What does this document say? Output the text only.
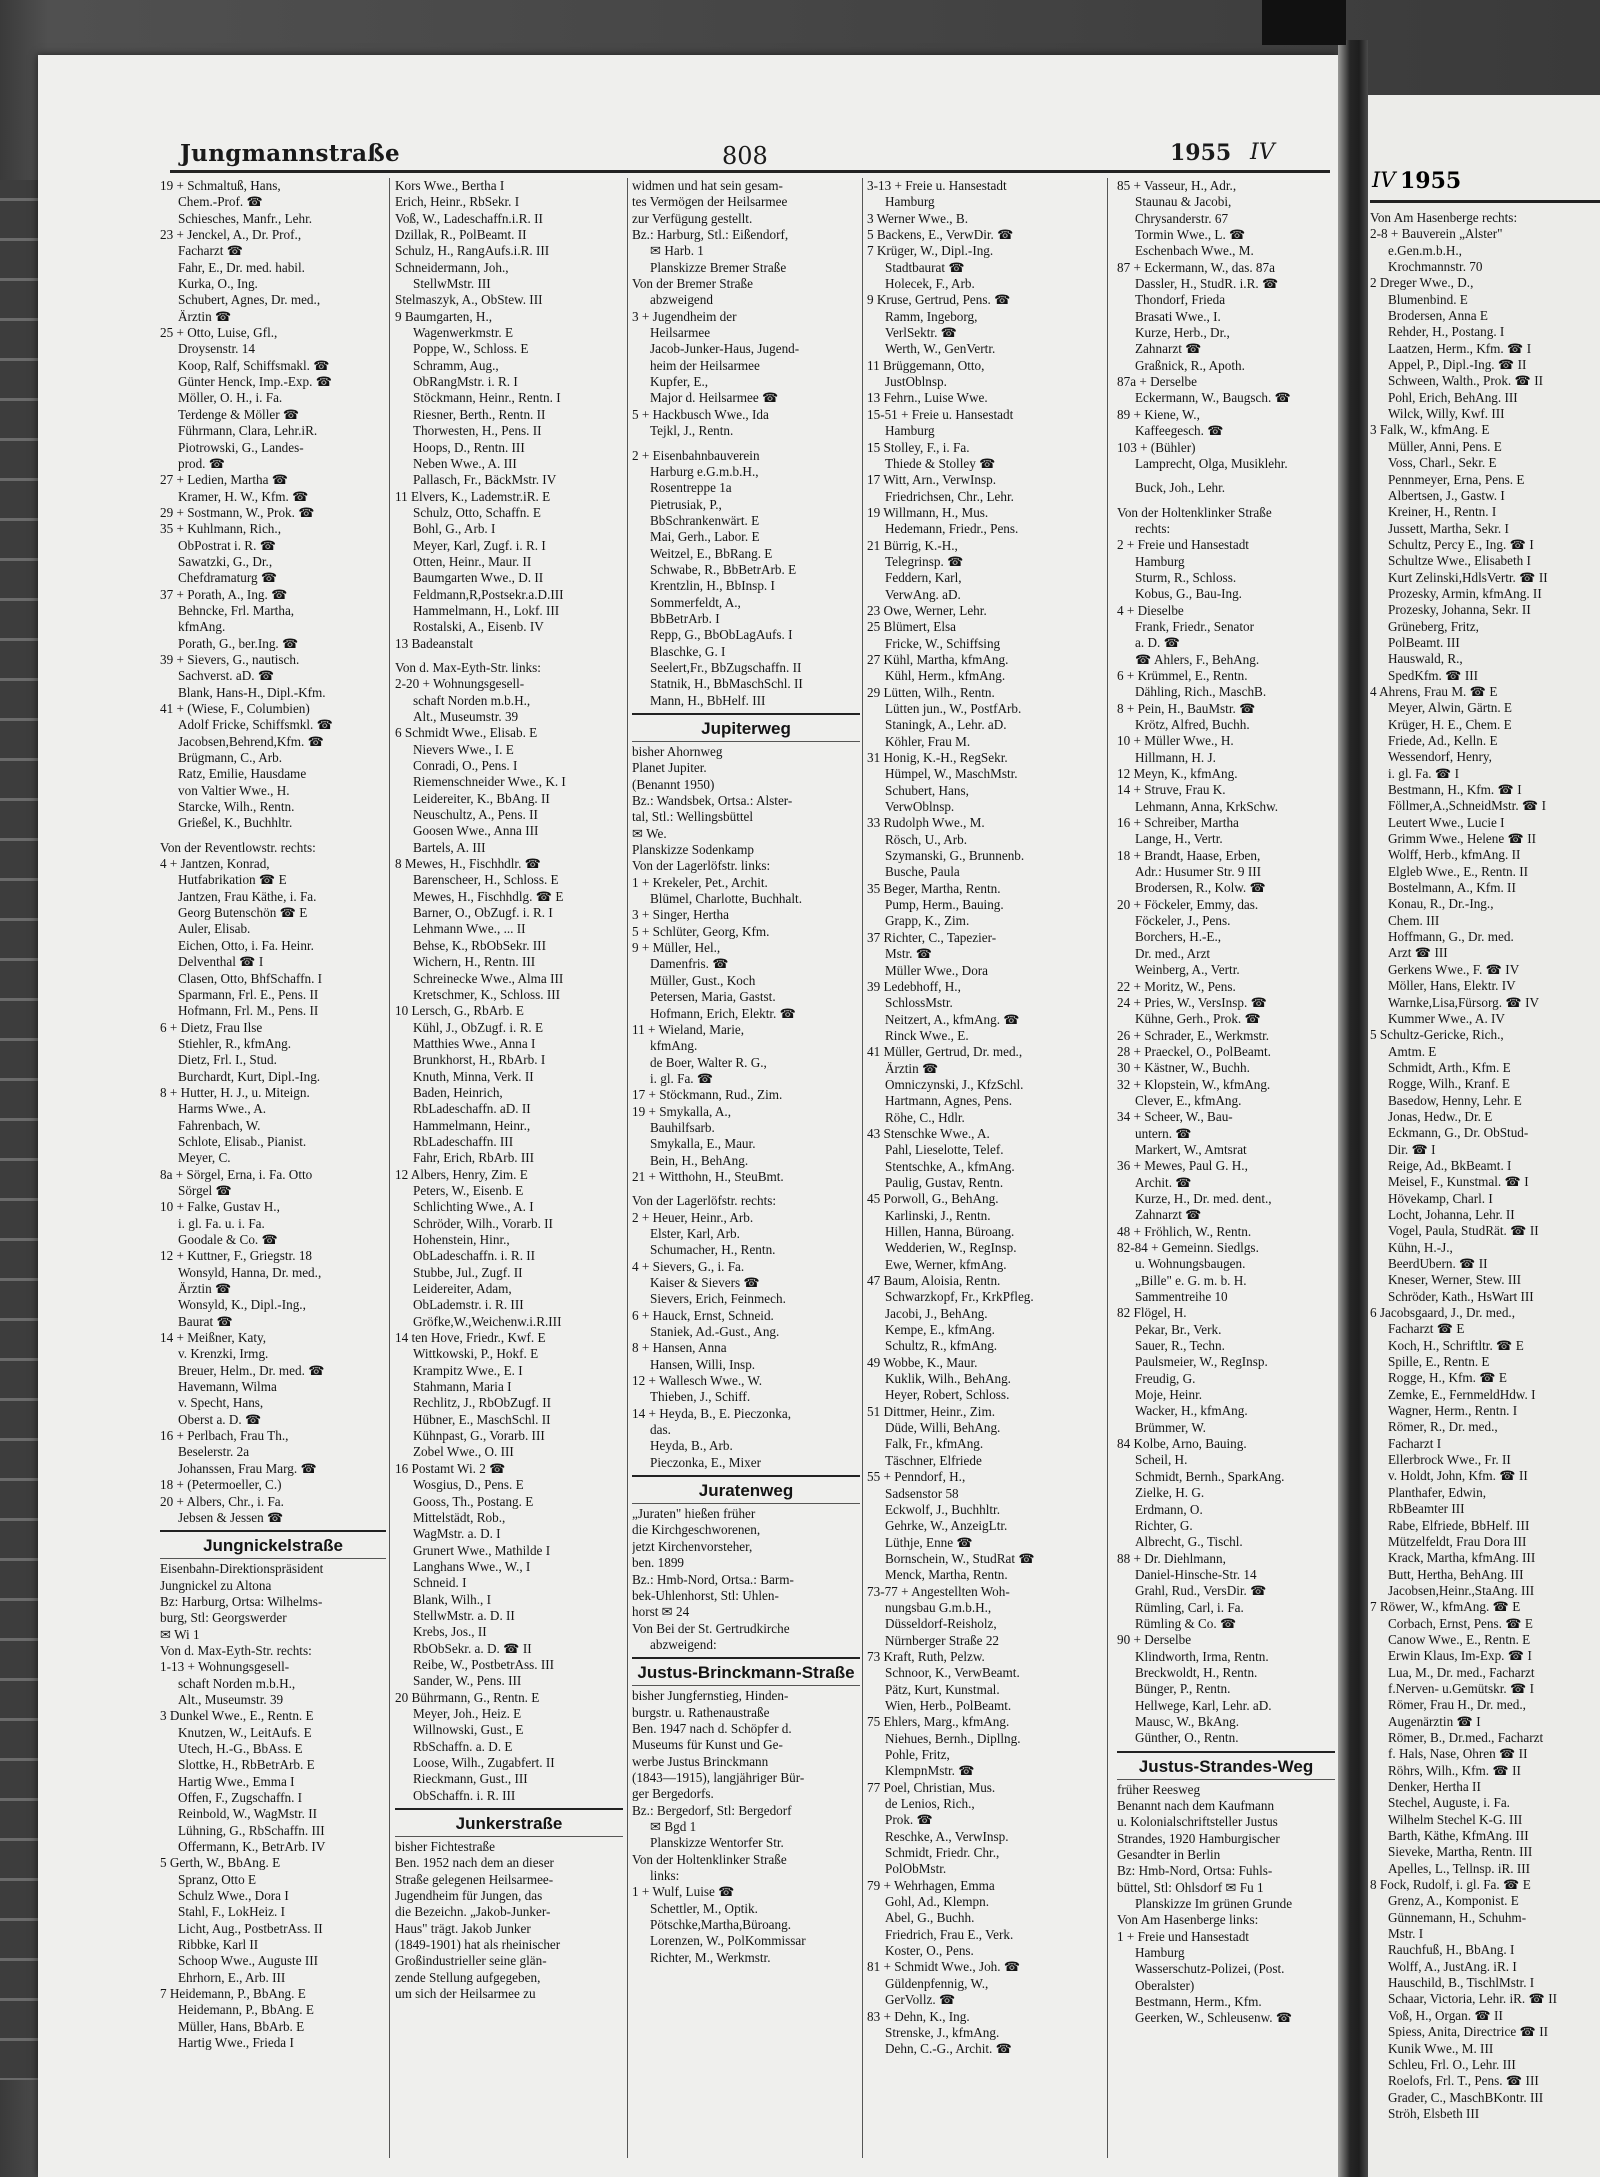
Jungmannstraße	808	1955 IV
IV 1955
19 + Schmaltuß, Hans,
Chem.-Prof. ☎
Schiesches, Manfr., Lehr.
23 + Jenckel, A., Dr. Prof.,
Facharzt ☎
Fahr, E., Dr. med. habil.
Kurka, O., Ing.
Schubert, Agnes, Dr. med.,
Ärztin ☎
25 + Otto, Luise, Gfl.,
Droysenstr. 14
Koop, Ralf, Schiffsmakl. ☎
Günter Henck, Imp.-Exp. ☎
Möller, O. H., i. Fa.
Terdenge & Möller ☎
Führmann, Clara, Lehr.iR.
Piotrowski, G., Landes-
prod. ☎
27 + Ledien, Martha ☎
Kramer, H. W., Kfm. ☎
29 + Sostmann, W., Prok. ☎
35 + Kuhlmann, Rich.,
ObPostrat i. R. ☎
Sawatzki, G., Dr.,
Chefdramaturg ☎
37 + Porath, A., Ing. ☎
Behncke, Frl. Martha,
kfmAng.
Porath, G., ber.Ing. ☎
39 + Sievers, G., nautisch.
Sachverst. aD. ☎
Blank, Hans-H., Dipl.-Kfm.
41 + (Wiese, F., Columbien)
Adolf Fricke, Schiffsmkl. ☎
Jacobsen,Behrend,Kfm. ☎
Brügmann, C., Arb.
Ratz, Emilie, Hausdame
von Valtier Wwe., H.
Starcke, Wilh., Rentn.
Grießel, K., Buchhltr.
Von der Reventlowstr. rechts:
4 + Jantzen, Konrad,
Hutfabrikation ☎ E
Jantzen, Frau Käthe, i. Fa.
Georg Butenschön ☎ E
Auler, Elisab.
Eichen, Otto, i. Fa. Heinr.
Delventhal ☎ I
Clasen, Otto, BhfSchaffn. I
Sparmann, Frl. E., Pens. II
Hofmann, Frl. M., Pens. II
6 + Dietz, Frau Ilse
Stiehler, R., kfmAng.
Dietz, Frl. I., Stud.
Burchardt, Kurt, Dipl.-Ing.
8 + Hutter, H. J., u. Miteign.
Harms Wwe., A.
Fahrenbach, W.
Schlote, Elisab., Pianist.
Meyer, C.
8a + Sörgel, Erna, i. Fa. Otto
Sörgel ☎
10 + Falke, Gustav H.,
i. gl. Fa. u. i. Fa.
Goodale & Co. ☎
12 + Kuttner, F., Griegstr. 18
Wonsyld, Hanna, Dr. med.,
Ärztin ☎
Wonsyld, K., Dipl.-Ing.,
Baurat ☎
14 + Meißner, Katy,
v. Krenzki, Irmg.
Breuer, Helm., Dr. med. ☎
Havemann, Wilma
v. Specht, Hans,
Oberst a. D. ☎
16 + Perlbach, Frau Th.,
Beselerstr. 2a
Johanssen, Frau Marg. ☎
18 + (Petermoeller, C.)
20 + Albers, Chr., i. Fa.
Jebsen & Jessen ☎
Jungnickelstraße
Eisenbahn-Direktionspräsident
Jungnickel zu Altona
Bz: Harburg, Ortsa: Wilhelms-
burg, Stl: Georgswerder
✉ Wi 1
Von d. Max-Eyth-Str. rechts:
1-13 + Wohnungsgesell-
schaft Norden m.b.H.,
Alt., Museumstr. 39
3 Dunkel Wwe., E., Rentn. E
Knutzen, W., LeitAufs. E
Utech, H.-G., BbAss. E
Slottke, H., RbBetrArb. E
Hartig Wwe., Emma I
Offen, F., Zugschaffn. I
Reinbold, W., WagMstr. II
Lühning, G., RbSchaffn. III
Offermann, K., BetrArb. IV
5 Gerth, W., BbAng. E
Spranz, Otto E
Schulz Wwe., Dora I
Stahl, F., LokHeiz. I
Licht, Aug., PostbetrAss. II
Ribbke, Karl II
Schoop Wwe., Auguste III
Ehrhorn, E., Arb. III
7 Heidemann, P., BbAng. E
Heidemann, P., BbAng. E
Müller, Hans, BbArb. E
Hartig Wwe., Frieda I
Kors Wwe., Bertha I
Erich, Heinr., RbSekr. I
Voß, W., Ladeschaffn.i.R. II
Dzillak, R., PolBeamt. II
Schulz, H., RangAufs.i.R. III
Schneidermann, Joh.,
StellwMstr. III
Stelmaszyk, A., ObStew. III
9 Baumgarten, H.,
Wagenwerkmstr. E
Poppe, W., Schloss. E
Schramm, Aug.,
ObRangMstr. i. R. I
Stöckmann, Heinr., Rentn. I
Riesner, Berth., Rentn. II
Thorwesten, H., Pens. II
Hoops, D., Rentn. III
Neben Wwe., A. III
Pallasch, Fr., BäckMstr. IV
11 Elvers, K., Lademstr.iR. E
Schulz, Otto, Schaffn. E
Bohl, G., Arb. I
Meyer, Karl, Zugf. i. R. I
Otten, Heinr., Maur. II
Baumgarten Wwe., D. II
Feldmann,R,Postsekr.a.D.III
Hammelmann, H., Lokf. III
Rostalski, A., Eisenb. IV
13 Badeanstalt
Von d. Max-Eyth-Str. links:
2-20 + Wohnungsgesell-
schaft Norden m.b.H.,
Alt., Museumstr. 39
6 Schmidt Wwe., Elisab. E
Nievers Wwe., I. E
Conradi, O., Pens. I
Riemenschneider Wwe., K. I
Leidereiter, K., BbAng. II
Neuschultz, A., Pens. II
Goosen Wwe., Anna III
Bartels, A. III
8 Mewes, H., Fischhdlr. ☎
Barenscheer, H., Schloss. E
Mewes, H., Fischhdlg. ☎ E
Barner, O., ObZugf. i. R. I
Lehmann Wwe., ... II
Behse, K., RbObSekr. III
Wichern, H., Rentn. III
Schreinecke Wwe., Alma III
Kretschmer, K., Schloss. III
10 Lersch, G., RbArb. E
Kühl, J., ObZugf. i. R. E
Matthies Wwe., Anna I
Brunkhorst, H., RbArb. I
Knuth, Minna, Verk. II
Baden, Heinrich,
RbLadeschaffn. aD. II
Hammelmann, Heinr.,
RbLadeschaffn. III
Fahr, Erich, RbArb. III
12 Albers, Henry, Zim. E
Peters, W., Eisenb. E
Schlichting Wwe., A. I
Schröder, Wilh., Vorarb. II
Hohenstein, Hinr.,
ObLadeschaffn. i. R. II
Stubbe, Jul., Zugf. II
Leidereiter, Adam,
ObLademstr. i. R. III
Gröfke,W.,Weichenw.i.R.III
14 ten Hove, Friedr., Kwf. E
Wittkowski, P., Hokf. E
Krampitz Wwe., E. I
Stahmann, Maria I
Rechlitz, J., RbObZugf. II
Hübner, E., MaschSchl. II
Kühnpast, G., Vorarb. III
Zobel Wwe., O. III
16 Postamt Wi. 2 ☎
Wosgius, D., Pens. E
Gooss, Th., Postang. E
Mittelstädt, Rob.,
WagMstr. a. D. I
Grunert Wwe., Mathilde I
Langhans Wwe., W., I
Schneid. I
Blank, Wilh., I
StellwMstr. a. D. II
Krebs, Jos., II
RbObSekr. a. D. ☎ II
Reibe, W., PostbetrAss. III
Sander, W., Pens. III
20 Bührmann, G., Rentn. E
Meyer, Joh., Heiz. E
Willnowski, Gust., E
RbSchaffn. a. D. E
Loose, Wilh., Zugabfert. II
Rieckmann, Gust., III
ObSchaffn. i. R. III
Junkerstraße
bisher Fichtestraße
Ben. 1952 nach dem an dieser
Straße gelegenen Heilsarmee-
Jugendheim für Jungen, das
die Bezeichn. „Jakob-Junker-
Haus" trägt. Jakob Junker
(1849-1901) hat als rheinischer
Großindustrieller seine glän-
zende Stellung aufgegeben,
um sich der Heilsarmee zu
widmen und hat sein gesam-
tes Vermögen der Heilsarmee
zur Verfügung gestellt.
Bz.: Harburg, Stl.: Eißendorf,
✉ Harb. 1
Planskizze Bremer Straße
Von der Bremer Straße
abzweigend
3 + Jugendheim der
Heilsarmee
Jacob-Junker-Haus, Jugend-
heim der Heilsarmee
Kupfer, E.,
Major d. Heilsarmee ☎
5 + Hackbusch Wwe., Ida
Tejkl, J., Rentn.
2 + Eisenbahnbauverein
Harburg e.G.m.b.H.,
Rosentreppe 1a
Pietrusiak, P.,
BbSchrankenwärt. E
Mai, Gerh., Labor. E
Weitzel, E., BbRang. E
Schwabe, R., BbBetrArb. E
Krentzlin, H., BbInsp. I
Sommerfeldt, A.,
BbBetrArb. I
Repp, G., BbObLagAufs. I
Blaschke, G. I
Seelert,Fr., BbZugschaffn. II
Statnik, H., BbMaschSchl. II
Mann, H., BbHelf. III
Jupiterweg
bisher Ahornweg
Planet Jupiter.
(Benannt 1950)
Bz.: Wandsbek, Ortsa.: Alster-
tal, Stl.: Wellingsbüttel
✉ We.
Planskizze Sodenkamp
Von der Lagerlöfstr. links:
1 + Krekeler, Pet., Archit.
Blümel, Charlotte, Buchhalt.
3 + Singer, Hertha
5 + Schlüter, Georg, Kfm.
9 + Müller, Hel.,
Damenfris. ☎
Müller, Gust., Koch
Petersen, Maria, Gastst.
Hofmann, Erich, Elektr. ☎
11 + Wieland, Marie,
kfmAng.
de Boer, Walter R. G.,
i. gl. Fa. ☎
17 + Stöckmann, Rud., Zim.
19 + Smykalla, A.,
Bauhilfsarb.
Smykalla, E., Maur.
Bein, H., BehAng.
21 + Witthohn, H., SteuBmt.
Von der Lagerlöfstr. rechts:
2 + Heuer, Heinr., Arb.
Elster, Karl, Arb.
Schumacher, H., Rentn.
4 + Sievers, G., i. Fa.
Kaiser & Sievers ☎
Sievers, Erich, Feinmech.
6 + Hauck, Ernst, Schneid.
Staniek, Ad.-Gust., Ang.
8 + Hansen, Anna
Hansen, Willi, Insp.
12 + Wallesch Wwe., W.
Thieben, J., Schiff.
14 + Heyda, B., E. Pieczonka,
das.
Heyda, B., Arb.
Pieczonka, E., Mixer
Juratenweg
„Juraten" hießen früher
die Kirchgeschworenen,
jetzt Kirchenvorsteher,
ben. 1899
Bz.: Hmb-Nord, Ortsa.: Barm-
bek-Uhlenhorst, Stl: Uhlen-
horst ✉ 24
Von Bei der St. Gertrudkirche
abzweigend:
Justus-Brinckmann-Straße
bisher Jungfernstieg, Hinden-
burgstr. u. Rathenaustraße
Ben. 1947 nach d. Schöpfer d.
Museums für Kunst und Ge-
werbe Justus Brinckmann
(1843—1915), langjähriger Bür-
ger Bergedorfs.
Bz.: Bergedorf, Stl: Bergedorf
✉ Bgd 1
Planskizze Wentorfer Str.
Von der Holtenklinker Straße
links:
1 + Wulf, Luise ☎
Schettler, M., Optik.
Pötschke,Martha,Büroang.
Lorenzen, W., PolKommissar
Richter, M., Werkmstr.
3-13 + Freie u. Hansestadt
Hamburg
3 Werner Wwe., B.
5 Backens, E., VerwDir. ☎
7 Krüger, W., Dipl.-Ing.
Stadtbaurat ☎
Holecek, F., Arb.
9 Kruse, Gertrud, Pens. ☎
Ramm, Ingeborg,
VerlSektr. ☎
Werth, W., GenVertr.
11 Brüggemann, Otto,
JustOblnsp.
13 Fehrn., Luise Wwe.
15-51 + Freie u. Hansestadt
Hamburg
15 Stolley, F., i. Fa.
Thiede & Stolley ☎
17 Witt, Arn., VerwInsp.
Friedrichsen, Chr., Lehr.
19 Willmann, H., Mus.
Hedemann, Friedr., Pens.
21 Bürrig, K.-H.,
Telegrinsp. ☎
Feddern, Karl,
VerwAng. aD.
23 Owe, Werner, Lehr.
25 Blümert, Elsa
Fricke, W., Schiffsing
27 Kühl, Martha, kfmAng.
Kühl, Herm., kfmAng.
29 Lütten, Wilh., Rentn.
Lütten jun., W., PostfArb.
Staningk, A., Lehr. aD.
Köhler, Frau M.
31 Honig, K.-H., RegSekr.
Hümpel, W., MaschMstr.
Schubert, Hans,
VerwOblnsp.
33 Rudolph Wwe., M.
Rösch, U., Arb.
Szymanski, G., Brunnenb.
Busche, Paula
35 Beger, Martha, Rentn.
Pump, Herm., Bauing.
Grapp, K., Zim.
37 Richter, C., Tapezier-
Mstr. ☎
Müller Wwe., Dora
39 Ledebhoff, H.,
SchlossMstr.
Neitzert, A., kfmAng. ☎
Rinck Wwe., E.
41 Müller, Gertrud, Dr. med.,
Ärztin ☎
Omniczynski, J., KfzSchl.
Hartmann, Agnes, Pens.
Röhe, C., Hdlr.
43 Stenschke Wwe., A.
Pahl, Lieselotte, Telef.
Stentschke, A., kfmAng.
Paulig, Gustav, Rentn.
45 Porwoll, G., BehAng.
Karlinski, J., Rentn.
Hillen, Hanna, Büroang.
Wedderien, W., RegInsp.
Ewe, Werner, kfmAng.
47 Baum, Aloisia, Rentn.
Schwarzkopf, Fr., KrkPfleg.
Jacobi, J., BehAng.
Kempe, E., kfmAng.
Schultz, R., kfmAng.
49 Wobbe, K., Maur.
Kuklik, Wilh., BehAng.
Heyer, Robert, Schloss.
51 Dittmer, Heinr., Zim.
Düde, Willi, BehAng.
Falk, Fr., kfmAng.
Täschner, Elfriede
55 + Penndorf, H.,
Sadsenstor 58
Eckwolf, J., Buchhltr.
Gehrke, W., AnzeigLtr.
Lüthje, Enne ☎
Bornschein, W., StudRat ☎
Menck, Martha, Rentn.
73-77 + Angestellten Woh-
nungsbau G.m.b.H.,
Düsseldorf-Reisholz,
Nürnberger Straße 22
73 Kraft, Ruth, Pelzw.
Schnoor, K., VerwBeamt.
Pätz, Kurt, Kunstmal.
Wien, Herb., PolBeamt.
75 Ehlers, Marg., kfmAng.
Niehues, Bernh., Dipllng.
Pohle, Fritz,
KlempnMstr. ☎
77 Poel, Christian, Mus.
de Lenios, Rich.,
Prok. ☎
Reschke, A., VerwInsp.
Schmidt, Friedr. Chr.,
PolObMstr.
79 + Wehrhagen, Emma
Gohl, Ad., Klempn.
Abel, G., Buchh.
Friedrich, Frau E., Verk.
Koster, O., Pens.
81 + Schmidt Wwe., Joh. ☎
Güldenpfennig, W.,
GerVollz. ☎
83 + Dehn, K., Ing.
Strenske, J., kfmAng.
Dehn, C.-G., Archit. ☎
85 + Vasseur, H., Adr.,
Staunau & Jacobi,
Chrysanderstr. 67
Tormin Wwe., L. ☎
Eschenbach Wwe., M.
87 + Eckermann, W., das. 87a
Dassler, H., StudR. i.R. ☎
Thondorf, Frieda
Brasati Wwe., I.
Kurze, Herb., Dr.,
Zahnarzt ☎
Graßnick, R., Apoth.
87a + Derselbe
Eckermann, W., Baugsch. ☎
89 + Kiene, W.,
Kaffeegesch. ☎
103 + (Bühler)
Lamprecht, Olga, Musiklehr.
Buck, Joh., Lehr.
Von der Holtenklinker Straße
rechts:
2 + Freie und Hansestadt
Hamburg
Sturm, R., Schloss.
Kobus, G., Bau-Ing.
4 + Dieselbe
Frank, Friedr., Senator
a. D. ☎
☎ Ahlers, F., BehAng.
6 + Krümmel, E., Rentn.
Dähling, Rich., MaschB.
8 + Pein, H., BauMstr. ☎
Krötz, Alfred, Buchh.
10 + Müller Wwe., H.
Hillmann, H. J.
12 Meyn, K., kfmAng.
14 + Struve, Frau K.
Lehmann, Anna, KrkSchw.
16 + Schreiber, Martha
Lange, H., Vertr.
18 + Brandt, Haase, Erben,
Adr.: Husumer Str. 9 III
Brodersen, R., Kolw. ☎
20 + Föckeler, Emmy, das.
Föckeler, J., Pens.
Borchers, H.-E.,
Dr. med., Arzt
Weinberg, A., Vertr.
22 + Moritz, W., Pens.
24 + Pries, W., VersInsp. ☎
Kühne, Gerh., Prok. ☎
26 + Schrader, E., Werkmstr.
28 + Praeckel, O., PolBeamt.
30 + Kästner, W., Buchh.
32 + Klopstein, W., kfmAng.
Clever, E., kfmAng.
34 + Scheer, W., Bau-
untern. ☎
Markert, W., Amtsrat
36 + Mewes, Paul G. H.,
Archit. ☎
Kurze, H., Dr. med. dent.,
Zahnarzt ☎
48 + Fröhlich, W., Rentn.
82-84 + Gemeinn. Siedlgs.
u. Wohnungsbaugen.
„Bille" e. G. m. b. H.
Sammentreihe 10
82 Flögel, H.
Pekar, Br., Verk.
Sauer, R., Techn.
Paulsmeier, W., RegInsp.
Freudig, G.
Moje, Heinr.
Wacker, H., kfmAng.
Brümmer, W.
84 Kolbe, Arno, Bauing.
Scheil, H.
Schmidt, Bernh., SparkAng.
Zielke, H. G.
Erdmann, O.
Richter, G.
Albrecht, G., Tischl.
88 + Dr. Diehlmann,
Daniel-Hinsche-Str. 14
Grahl, Rud., VersDir. ☎
Rümling, Carl, i. Fa.
Rümling & Co. ☎
90 + Derselbe
Klindworth, Irma, Rentn.
Breckwoldt, H., Rentn.
Bünger, P., Rentn.
Hellwege, Karl, Lehr. aD.
Mausc, W., BkAng.
Günther, O., Rentn.
Justus-Strandes-Weg
früher Reesweg
Benannt nach dem Kaufmann
u. Kolonialschriftsteller Justus
Strandes, 1920 Hamburgischer
Gesandter in Berlin
Bz: Hmb-Nord, Ortsa: Fuhls-
büttel, Stl: Ohlsdorf ✉ Fu 1
Planskizze Im grünen Grunde
Von Am Hasenberge links:
1 + Freie und Hansestadt
Hamburg
Wasserschutz-Polizei, (Post.
Oberalster)
Bestmann, Herm., Kfm.
Geerken, W., Schleusenw. ☎
Von Am Hasenberge rechts:
2-8 + Bauverein „Alster"
e.Gen.m.b.H.,
Krochmannstr. 70
2 Dreger Wwe., D.,
Blumenbind. E
Brodersen, Anna E
Rehder, H., Postang. I
Laatzen, Herm., Kfm. ☎ I
Appel, P., Dipl.-Ing. ☎ II
Schween, Walth., Prok. ☎ II
Pohl, Erich, BehAng. III
Wilck, Willy, Kwf. III
3 Falk, W., kfmAng. E
Müller, Anni, Pens. E
Voss, Charl., Sekr. E
Pennmeyer, Erna, Pens. E
Albertsen, J., Gastw. I
Kreiner, H., Rentn. I
Jussett, Martha, Sekr. I
Schultz, Percy E., Ing. ☎ I
Schultze Wwe., Elisabeth I
Kurt Zelinski,HdlsVertr. ☎ II
Prozesky, Armin, kfmAng. II
Prozesky, Johanna, Sekr. II
Grüneberg, Fritz,
PolBeamt. III
Hauswald, R.,
SpedKfm. ☎ III
4 Ahrens, Frau M. ☎ E
Meyer, Alwin, Gärtn. E
Krüger, H. E., Chem. E
Friede, Ad., Kelln. E
Wessendorf, Henry,
i. gl. Fa. ☎ I
Bestmann, H., Kfm. ☎ I
Föllmer,A.,SchneidMstr. ☎ I
Leutert Wwe., Lucie I
Grimm Wwe., Helene ☎ II
Wolff, Herb., kfmAng. II
Elgleb Wwe., E., Rentn. II
Bostelmann, A., Kfm. II
Konau, R., Dr.-Ing.,
Chem. III
Hoffmann, G., Dr. med.
Arzt ☎ III
Gerkens Wwe., F. ☎ IV
Möller, Hans, Elektr. IV
Warnke,Lisa,Fürsorg. ☎ IV
Kummer Wwe., A. IV
5 Schultz-Gericke, Rich.,
Amtm. E
Schmidt, Arth., Kfm. E
Rogge, Wilh., Kranf. E
Basedow, Henny, Lehr. E
Jonas, Hedw., Dr. E
Eckmann, G., Dr. ObStud-
Dir. ☎ I
Reige, Ad., BkBeamt. I
Meisel, F., Kunstmal. ☎ I
Hövekamp, Charl. I
Locht, Johanna, Lehr. II
Vogel, Paula, StudRät. ☎ II
Kühn, H.-J.,
BeerdUbern. ☎ II
Kneser, Werner, Stew. III
Schröder, Kath., HsWart III
6 Jacobsgaard, J., Dr. med.,
Facharzt ☎ E
Koch, H., Schriftltr. ☎ E
Spille, E., Rentn. E
Rogge, H., Kfm. ☎ E
Zemke, E., FernmeldHdw. I
Wagner, Herm., Rentn. I
Römer, R., Dr. med.,
Facharzt I
Ellerbrock Wwe., Fr. II
v. Holdt, John, Kfm. ☎ II
Planthafer, Edwin,
RbBeamter III
Rabe, Elfriede, BbHelf. III
Mützelfeldt, Frau Dora III
Krack, Martha, kfmAng. III
Butt, Hertha, BehAng. III
Jacobsen,Heinr.,StaAng. III
7 Röwer, W., kfmAng. ☎ E
Corbach, Ernst, Pens. ☎ E
Canow Wwe., E., Rentn. E
Erwin Klaus, Im-Exp. ☎ I
Lua, M., Dr. med., Facharzt
f.Nerven- u.Gemütskr. ☎ I
Römer, Frau H., Dr. med.,
Augenärztin ☎ I
Römer, B., Dr.med., Facharzt
f. Hals, Nase, Ohren ☎ II
Röhrs, Wilh., Kfm. ☎ II
Denker, Hertha II
Stechel, Auguste, i. Fa.
Wilhelm Stechel K-G. III
Barth, Käthe, KfmAng. III
Sieveke, Martha, Rentn. III
Apelles, L., Tellnsp. iR. III
8 Fock, Rudolf, i. gl. Fa. ☎ E
Grenz, A., Komponist. E
Günnemann, H., Schuhm-
Mstr. I
Rauchfuß, H., BbAng. I
Wolff, A., JustAng. iR. I
Hauschild, B., TischlMstr. I
Schaar, Victoria, Lehr. iR. ☎ II
Voß, H., Organ. ☎ II
Spiess, Anita, Directrice ☎ II
Kunik Wwe., M. III
Schleu, Frl. O., Lehr. III
Roelofs, Frl. T., Pens. ☎ III
Grader, C., MaschBKontr. III
Ströh, Elsbeth III
